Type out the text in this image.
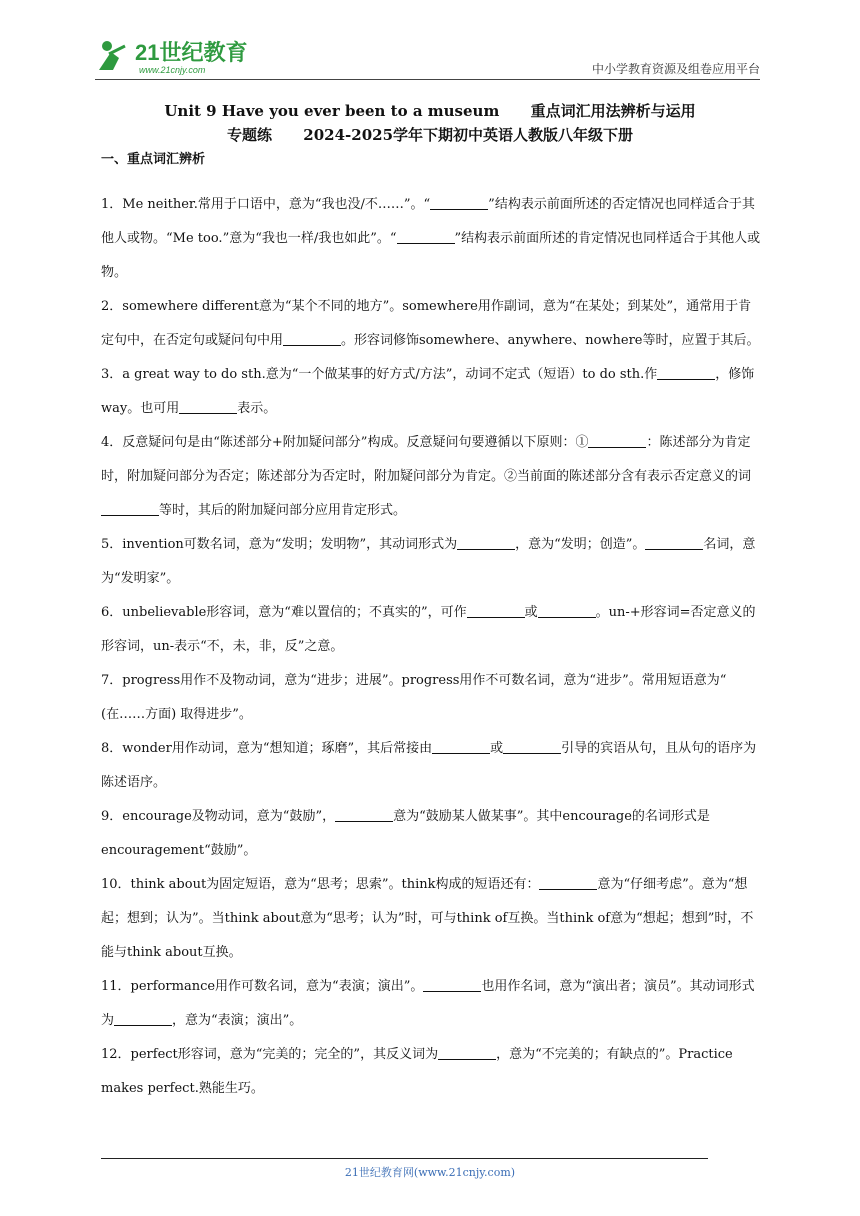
21世纪教育
www.21cnjy.com	中小学教育资源及组卷应用平台
Unit 9 Have you ever been to a museum      重点词汇用法辨析与运用
专题练      2024-2025学年下期初中英语人教版八年级下册
一、重点词汇辨析

1．Me neither.常用于口语中，意为“我也没/不……”。“	”结构表示前面所述的否定情况也同样适合于其他人或物。“Me too.”意为“我也一样/我也如此”。“	”结构表示前面所述的肯定情况也同样适合于其他人或物。

2．somewhere different意为“某个不同的地方”。somewhere用作副词，意为“在某处；到某处”，通常用于肯定句中，在否定句或疑问句中用	。形容词修饰somewhere、anywhere、nowhere等时，应置于其后。

3．a great way to do sth.意为“一个做某事的好方式/方法”，动词不定式（短语）to do sth.作	，修饰way。也可用	表示。

4．反意疑问句是由“陈述部分+附加疑问部分”构成。反意疑问句要遵循以下原则：①	：陈述部分为肯定时，附加疑问部分为否定；陈述部分为否定时，附加疑问部分为肯定。②当前面的陈述部分含有表示否定意义的词等时，其后的附加疑问部分应用肯定形式。

5．invention可数名词，意为“发明；发明物”，其动词形式为	，意为“发明；创造”。	名词，意为“发明家”。

6．unbelievable形容词，意为“难以置信的；不真实的”，可作	或	。un-+形容词=否定意义的形容词，un-表示“不，未，非，反”之意。

7．progress用作不及物动词，意为“进步；进展”。progress用作不可数名词，意为“进步”。常用短语意为“ (在……方面) 取得进步”。

8．wonder用作动词，意为“想知道；琢磨”，其后常接由	或	引导的宾语从句，且从句的语序为陈述语序。

9．encourage及物动词，意为“鼓励”，	意为“鼓励某人做某事”。其中encourage的名词形式是encouragement“鼓励”。

10．think about为固定短语，意为“思考；思索”。think构成的短语还有：	意为“仔细考虑”。意为“想起；想到；认为”。当think about意为“思考；认为”时，可与think of互换。当think of意为“想起；想到”时，不能与think about互换。

11．performance用作可数名词，意为“表演；演出”。	也用作名词，意为“演出者；演员”。其动词形式为	，意为“表演；演出”。

12．perfect形容词，意为“完美的；完全的”，其反义词为	，意为“不完美的；有缺点的”。Practice makes perfect.熟能生巧。

21世纪教育网(www.21cnjy.com)
